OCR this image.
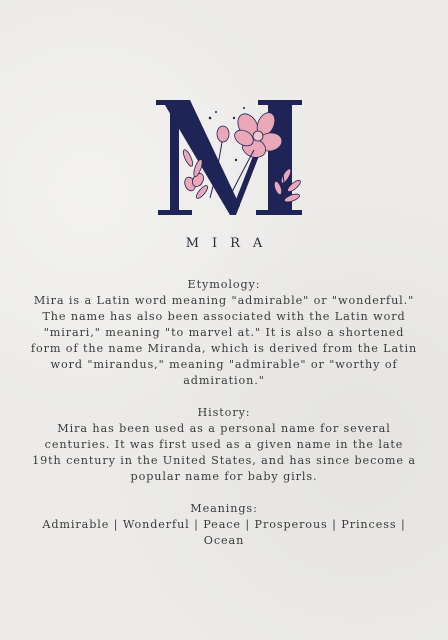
MIRA
Etymology:
Mira is a Latin word meaning "admirable" or "wonderful." The name has also been associated with the Latin word "mirari," meaning "to marvel at." It is also a shortened form of the name Miranda, which is derived from the Latin word "mirandus," meaning "admirable" or "worthy of admiration."
History:
Mira has been used as a personal name for several centuries. It was first used as a given name in the late 19th century in the United States, and has since become a popular name for baby girls.
Meanings:
Admirable | Wonderful | Peace | Prosperous | Princess | Ocean
